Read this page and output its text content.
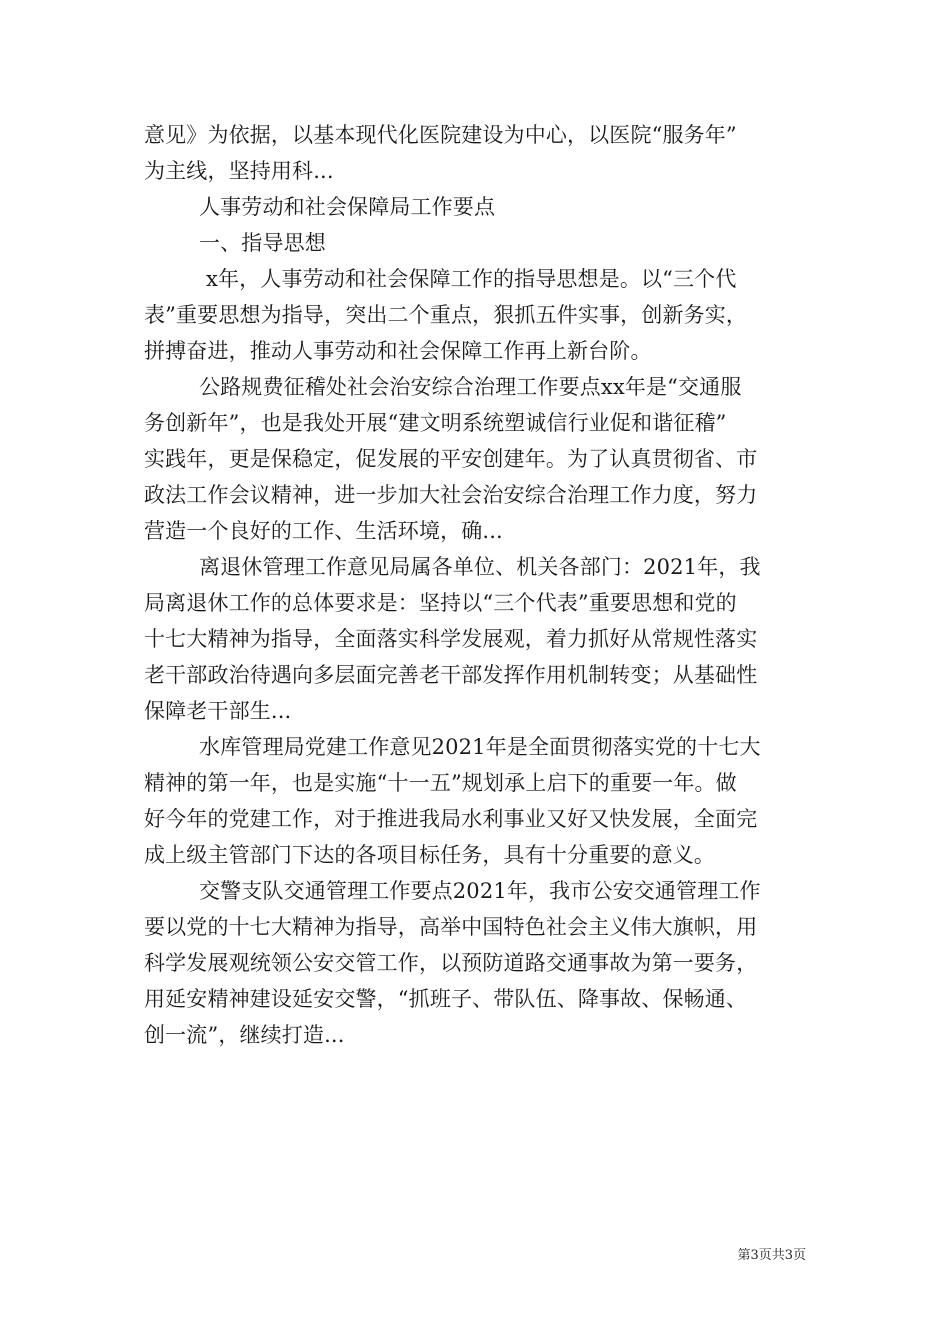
意见》为依据，以基本现代化医院建设为中心，以医院“服务年”
为主线，坚持用科...
人事劳动和社会保障局工作要点
一、指导思想
x年，人事劳动和社会保障工作的指导思想是。以“三个代
表”重要思想为指导，突出二个重点，狠抓五件实事，创新务实，
拼搏奋进，推动人事劳动和社会保障工作再上新台阶。
公路规费征稽处社会治安综合治理工作要点xx年是“交通服
务创新年”，也是我处开展“建文明系统塑诚信行业促和谐征稽”
实践年，更是保稳定，促发展的平安创建年。为了认真贯彻省、市
政法工作会议精神，进一步加大社会治安综合治理工作力度，努力
营造一个良好的工作、生活环境，确...
离退休管理工作意见局属各单位、机关各部门：2021年，我
局离退休工作的总体要求是：坚持以“三个代表”重要思想和党的
十七大精神为指导，全面落实科学发展观，着力抓好从常规性落实
老干部政治待遇向多层面完善老干部发挥作用机制转变；从基础性
保障老干部生...
水库管理局党建工作意见2021年是全面贯彻落实党的十七大
精神的第一年，也是实施“十一五”规划承上启下的重要一年。做
好今年的党建工作，对于推进我局水利事业又好又快发展，全面完
成上级主管部门下达的各项目标任务，具有十分重要的意义。
交警支队交通管理工作要点2021年，我市公安交通管理工作
要以党的十七大精神为指导，高举中国特色社会主义伟大旗帜，用
科学发展观统领公安交管工作，以预防道路交通事故为第一要务，
用延安精神建设延安交警，“抓班子、带队伍、降事故、保畅通、
创一流”，继续打造...
第3页共3页
